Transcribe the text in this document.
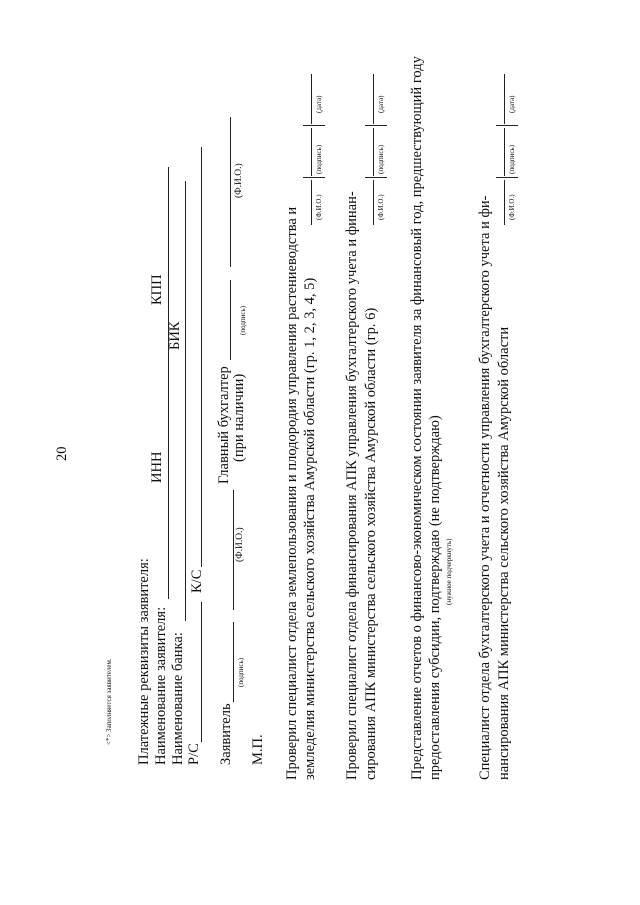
20
<*> Заполняется заявителем. Платежные реквизиты заявителя: Наименование заявителя:
ИНН
КПП
Наименование банка:
БИК
Р/С
К/С
Заявитель
(подпись)
(Ф.И.О.)
Главный бухгалтер (при наличии)
(подпись)
(Ф.И.О.)
М.П. Проверил специалист отдела землепользования и плодородия управления растениеводства и земледелия министерства сельского хозяйства Амурской области (гр. 1, 2, 3, 4, 5)
(Ф.И.О.)
(подпись)
(дата)
Проверил специалист отдела финансирования АПК управления бухгалтерского учета и финан- сирования АПК министерства сельского хозяйства Амурской области (гр. 6)
(Ф.И.О.)
(подпись)
(дата) Представление отчетов о финансово-экономическом состоянии заявителя за финансовый год, предшествующий году предоставления субсидии, подтверждаю (не подтверждаю) (нужное подчеркнуть) Специалист отдела бухгалтерского учета и отчетности управления бухгалтерского учета и фи- нансирования АПК министерства сельского хозяйства Амурской области
(Ф.И.О.)
(подпись)
(дата)
